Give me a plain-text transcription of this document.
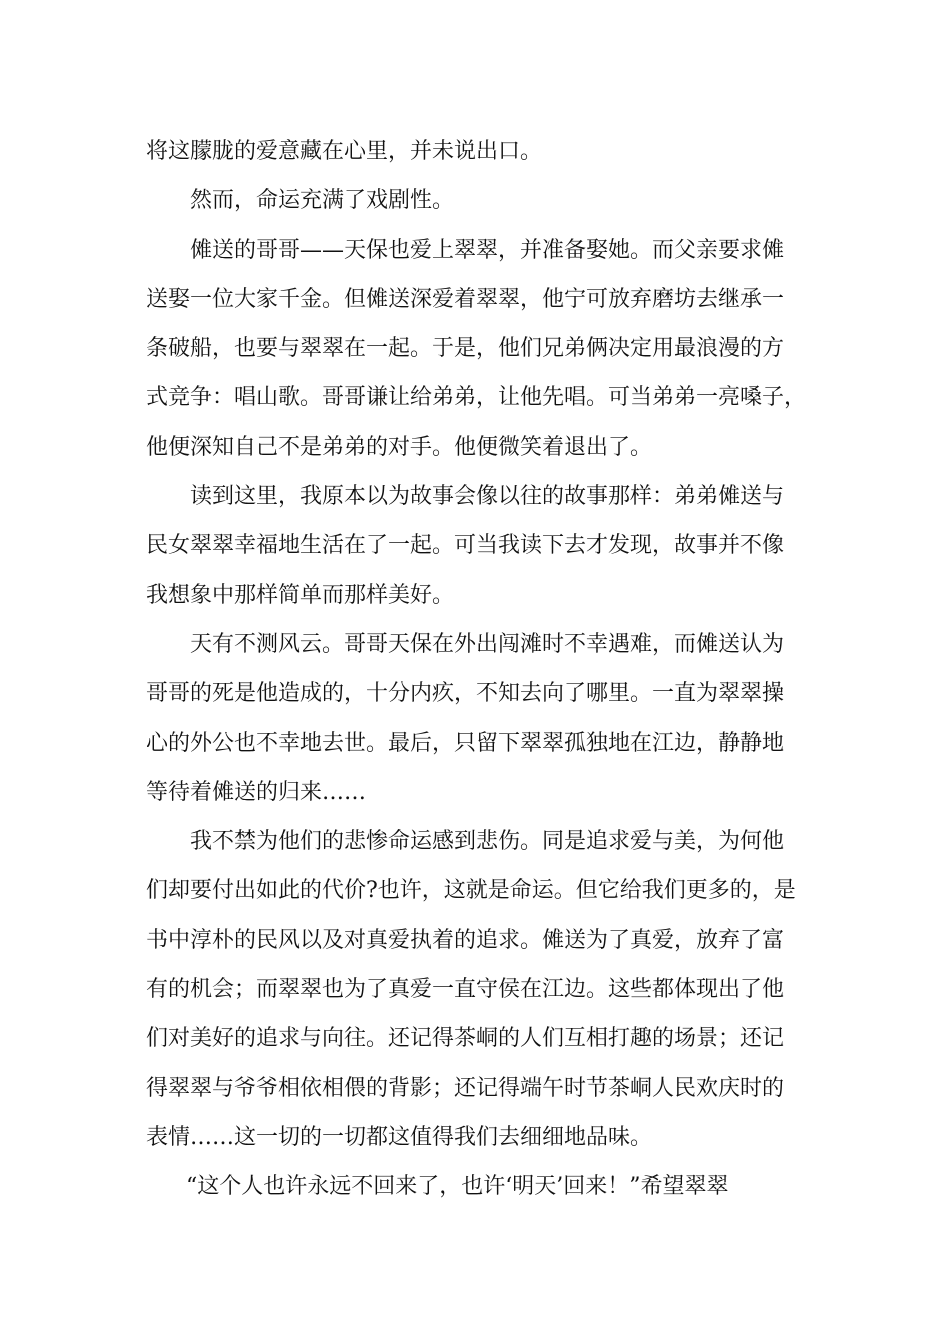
将这朦胧的爱意藏在心里，并未说出口。
然而，命运充满了戏剧性。
傩送的哥哥——天保也爱上翠翠，并准备娶她。而父亲要求傩
送娶一位大家千金。但傩送深爱着翠翠，他宁可放弃磨坊去继承一
条破船，也要与翠翠在一起。于是，他们兄弟俩决定用最浪漫的方
式竞争：唱山歌。哥哥谦让给弟弟，让他先唱。可当弟弟一亮嗓子，
他便深知自己不是弟弟的对手。他便微笑着退出了。
读到这里，我原本以为故事会像以往的故事那样：弟弟傩送与
民女翠翠幸福地生活在了一起。可当我读下去才发现，故事并不像
我想象中那样简单而那样美好。
天有不测风云。哥哥天保在外出闯滩时不幸遇难，而傩送认为
哥哥的死是他造成的，十分内疚，不知去向了哪里。一直为翠翠操
心的外公也不幸地去世。最后，只留下翠翠孤独地在江边，静静地
等待着傩送的归来……
我不禁为他们的悲惨命运感到悲伤。同是追求爱与美，为何他
们却要付出如此的代价?也许，这就是命运。但它给我们更多的，是
书中淳朴的民风以及对真爱执着的追求。傩送为了真爱，放弃了富
有的机会；而翠翠也为了真爱一直守侯在江边。这些都体现出了他
们对美好的追求与向往。还记得茶峒的人们互相打趣的场景；还记
得翠翠与爷爷相依相偎的背影；还记得端午时节茶峒人民欢庆时的
表情……这一切的一切都这值得我们去细细地品味。
“这个人也许永远不回来了，也许‘明天’回来！”希望翠翠
